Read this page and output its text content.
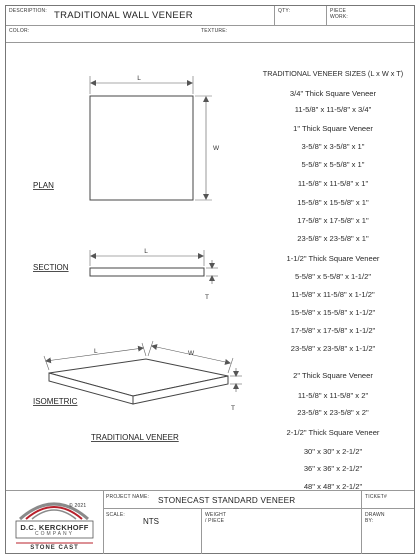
DESCRIPTION: TRADITIONAL WALL VENEER	QTY:	PIECE WORK:
COLOR:	TEXTURE:
L
W
L
T
L	W
T
PLAN
SECTION
ISOMETRIC
TRADITIONAL VENEER
TRADITIONAL VENEER SIZES (L x W x T)
3/4" Thick Square Veneer
11-5/8" x 11-5/8" x 3/4"
1" Thick Square Veneer
3-5/8" x 3-5/8" x 1"
5-5/8" x 5-5/8" x 1"
11-5/8" x 11-5/8" x 1"
15-5/8" x 15-5/8" x 1"
17-5/8" x 17-5/8" x 1"
23-5/8" x 23-5/8" x 1"
1-1/2" Thick Square Veneer
5-5/8" x 5-5/8" x 1-1/2"
11-5/8" x 11-5/8" x 1-1/2"
15-5/8" x 15-5/8" x 1-1/2"
17-5/8" x 17-5/8" x 1-1/2"
23-5/8" x 23-5/8" x 1-1/2"
2" Thick Square Veneer
11-5/8" x 11-5/8" x 2"
23-5/8" x 23-5/8" x 2"
2-1/2" Thick Square Veneer
30" x 30" x 2-1/2"
36" x 36" x 2-1/2"
48" x 48" x 2-1/2"
© 2021
D.C. KERCKHOFF
COMPANY
STONE CAST
PROJECT NAME: STONECAST STANDARD VENEER	TICKET#
SCALE:
NTS
WEIGHT / PIECE
DRAWN BY:
